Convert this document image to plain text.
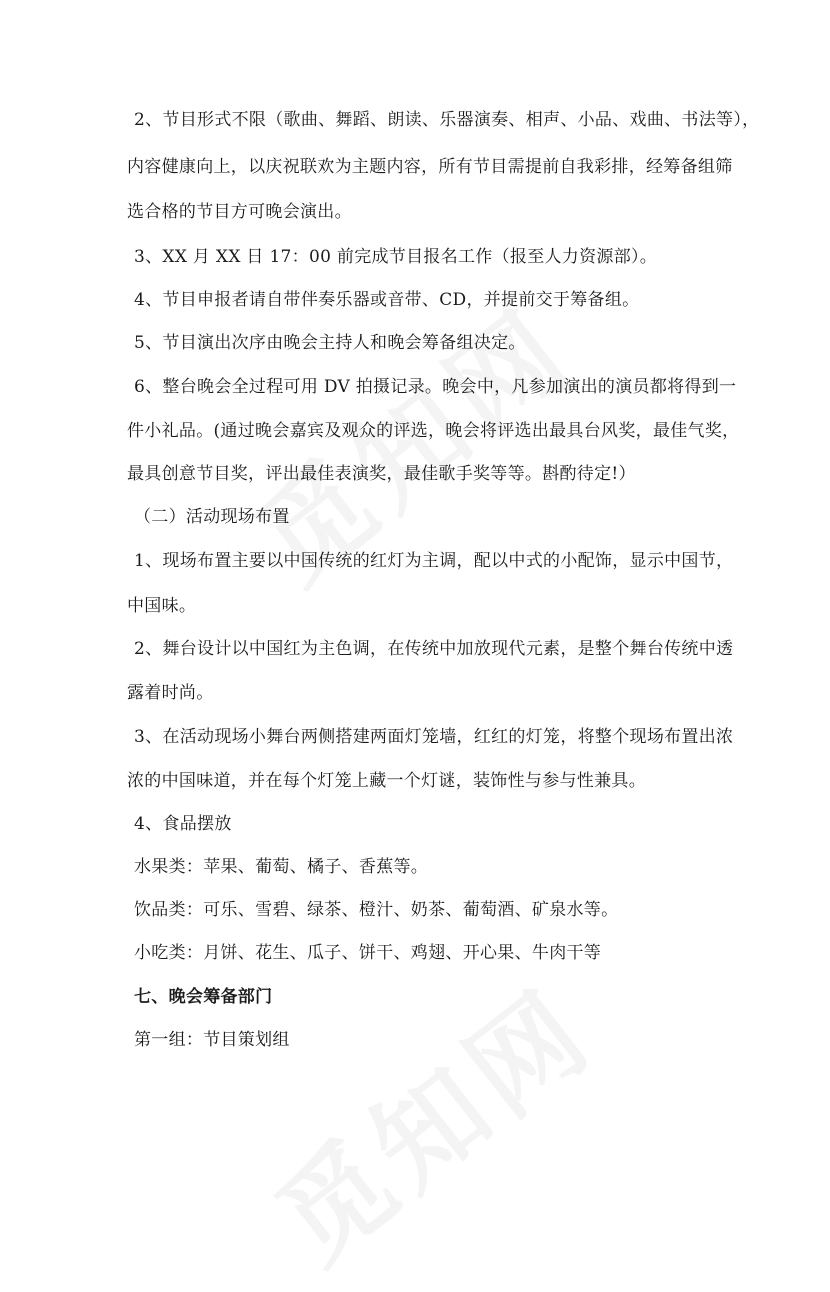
2、节目形式不限（歌曲、舞蹈、朗读、乐器演奏、相声、小品、戏曲、书法等），
内容健康向上，以庆祝联欢为主题内容，所有节目需提前自我彩排，经筹备组筛
选合格的节目方可晚会演出。
3、XX 月 XX 日 17：00 前完成节目报名工作（报至人力资源部）。
4、节目申报者请自带伴奏乐器或音带、CD，并提前交于筹备组。
5、节目演出次序由晚会主持人和晚会筹备组决定。
6、整台晚会全过程可用 DV 拍摄记录。晚会中，凡参加演出的演员都将得到一
件小礼品。(通过晚会嘉宾及观众的评选，晚会将评选出最具台风奖，最佳气奖，
最具创意节目奖，评出最佳表演奖，最佳歌手奖等等。斟酌待定!）
（二）活动现场布置
1、现场布置主要以中国传统的红灯为主调，配以中式的小配饰，显示中国节，
中国味。
2、舞台设计以中国红为主色调，在传统中加放现代元素，是整个舞台传统中透
露着时尚。
3、在活动现场小舞台两侧搭建两面灯笼墙，红红的灯笼，将整个现场布置出浓
浓的中国味道，并在每个灯笼上藏一个灯谜，装饰性与参与性兼具。
4、食品摆放
水果类：苹果、葡萄、橘子、香蕉等。
饮品类：可乐、雪碧、绿茶、橙汁、奶茶、葡萄酒、矿泉水等。
小吃类：月饼、花生、瓜子、饼干、鸡翅、开心果、牛肉干等
七、晚会筹备部门
第一组：节目策划组
